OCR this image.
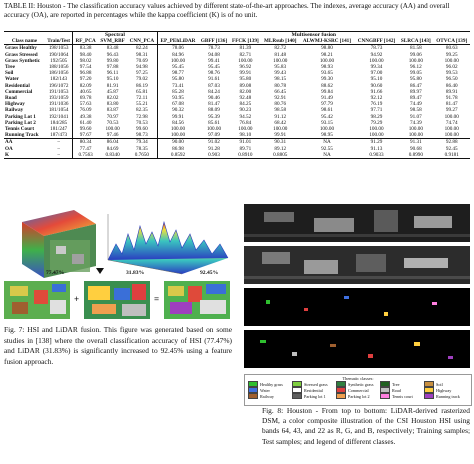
TABLE II: Houston - The classification accuracy values achieved by different state-of-the-art approaches. The indexes, average accuracy (AA) and overall accuracy (OA), are reported in percentages while the kappa coefficient (K) is of no unit.
		Spectral			Multisensor fusion							
Class name	Train/Test	RF_PCA	SVM_RBF	CNN_PCA	EP_PEhLiDAR	GBFF [136]	FFCK [139]	MLRsub [140]	ALWMJ-KSRC [141]	CNNGBFF [142]	SLRCA [143]	OTVCA [139]
Grass Healthy	198/1053	83.38	83.48	82.24	78.06	78.73	81.39	82.72	98.80	78.73	81.58	80.63
Grass Stressed	190/1064	98.40	96.43	98.31	84.96	94.08	82.71	81.48	98.21	94.92	99.06	99.25
Grass Synthetic	192/505	98.02	99.80	70.69	100.00	99.41	100.00	100.00	100.00	100.00	100.00	100.00
Tree	188/1056	97.54	97.88	94.98	95.45	95.45	96.92	95.83	98.93	99.34	96.12	96.02
Soil	186/1056	96.88	96.11	97.25	98.77	98.76	99.91	99.43	93.65	97.00	99.05	99.53
Water	182/143	97.20	95.10	79.02	95.80	91.61	95.80	98.15	99.30	95.10	95.80	96.50
Residential	196/1072	82.09	81.91	86.19	73.41	87.03	89.08	80.78	88.62	90.60	86.47	86.40
Commercial	191/1053	40.65	45.87	65.81	85.28	84.24	82.00	66.45	99.84	91.66	89.97	89.91
Road	193/1059	69.78	82.02	72.11	93.95	90.46	92.48	92.91	91.49	92.12	89.47	91.78
Highway	191/1036	57.63	83.80	55.21	67.08	81.47	84.25	80.76	97.79	76.19	74.49	81.47
Railway	181/1054	76.09	83.87	82.35	90.32	88.09	90.23	98.58	98.61	97.71	98.58	99.27
Parking Lot 1	192/1041	49.38	70.97	72.98	99.91	95.39	94.52	91.12	95.42	98.29	91.07	100.00
Parking Lot 2	184/285	61.40	70.53	70.53	84.56	85.61	76.84	68.42	93.15	79.29	74.39	74.74
Tennis Court	181/247	99.60	100.00	99.60	100.00	100.00	100.00	100.00	100.00	100.00	100.00	100.00
Running Track	187/473	97.67	97.46	98.73	100.00	97.09	98.10	99.91	98.95	100.00	100.00	100.00
AA	–	80.34	86.04	79.34	90.00	91.02	91.01	90.31	NA	91.29	91.31	92.88
OA	–	77.47	84.69	78.35	86.98	91.28	89.71	89.12	92.55	91.13	90.68	92.45
K	–	0.7563	0.8340	0.7650	0.8592	0.903	0.8910	0.8805	NA	0.9033	0.8990	0.9181
77.47%	31.83%	92.45%
+	=
Fig. 7: HSI and LiDAR fusion. This figure was generated based on some studies in [138] where the overall classification accuracy of HSI (77.47%) and LiDAR (31.83%) is significantly increased to 92.45% using a feature fusion approach.
Thematic classes:
Healthy grass	Stressed grass	Synthetic grass	Tree	Soil
Water	Residential	Commercial	Road	Highway
Railway	Parking lot 1	Parking lot 2	Tennis court	Running track
Fig. 8: Houston - From top to bottom: LiDAR-derived rasterized DSM, a color composite illustration of the CSI Houston HSI using bands 64, 43, and 22 as R, G, and B, respectively; Training samples; Test samples; and legend of different classes.
